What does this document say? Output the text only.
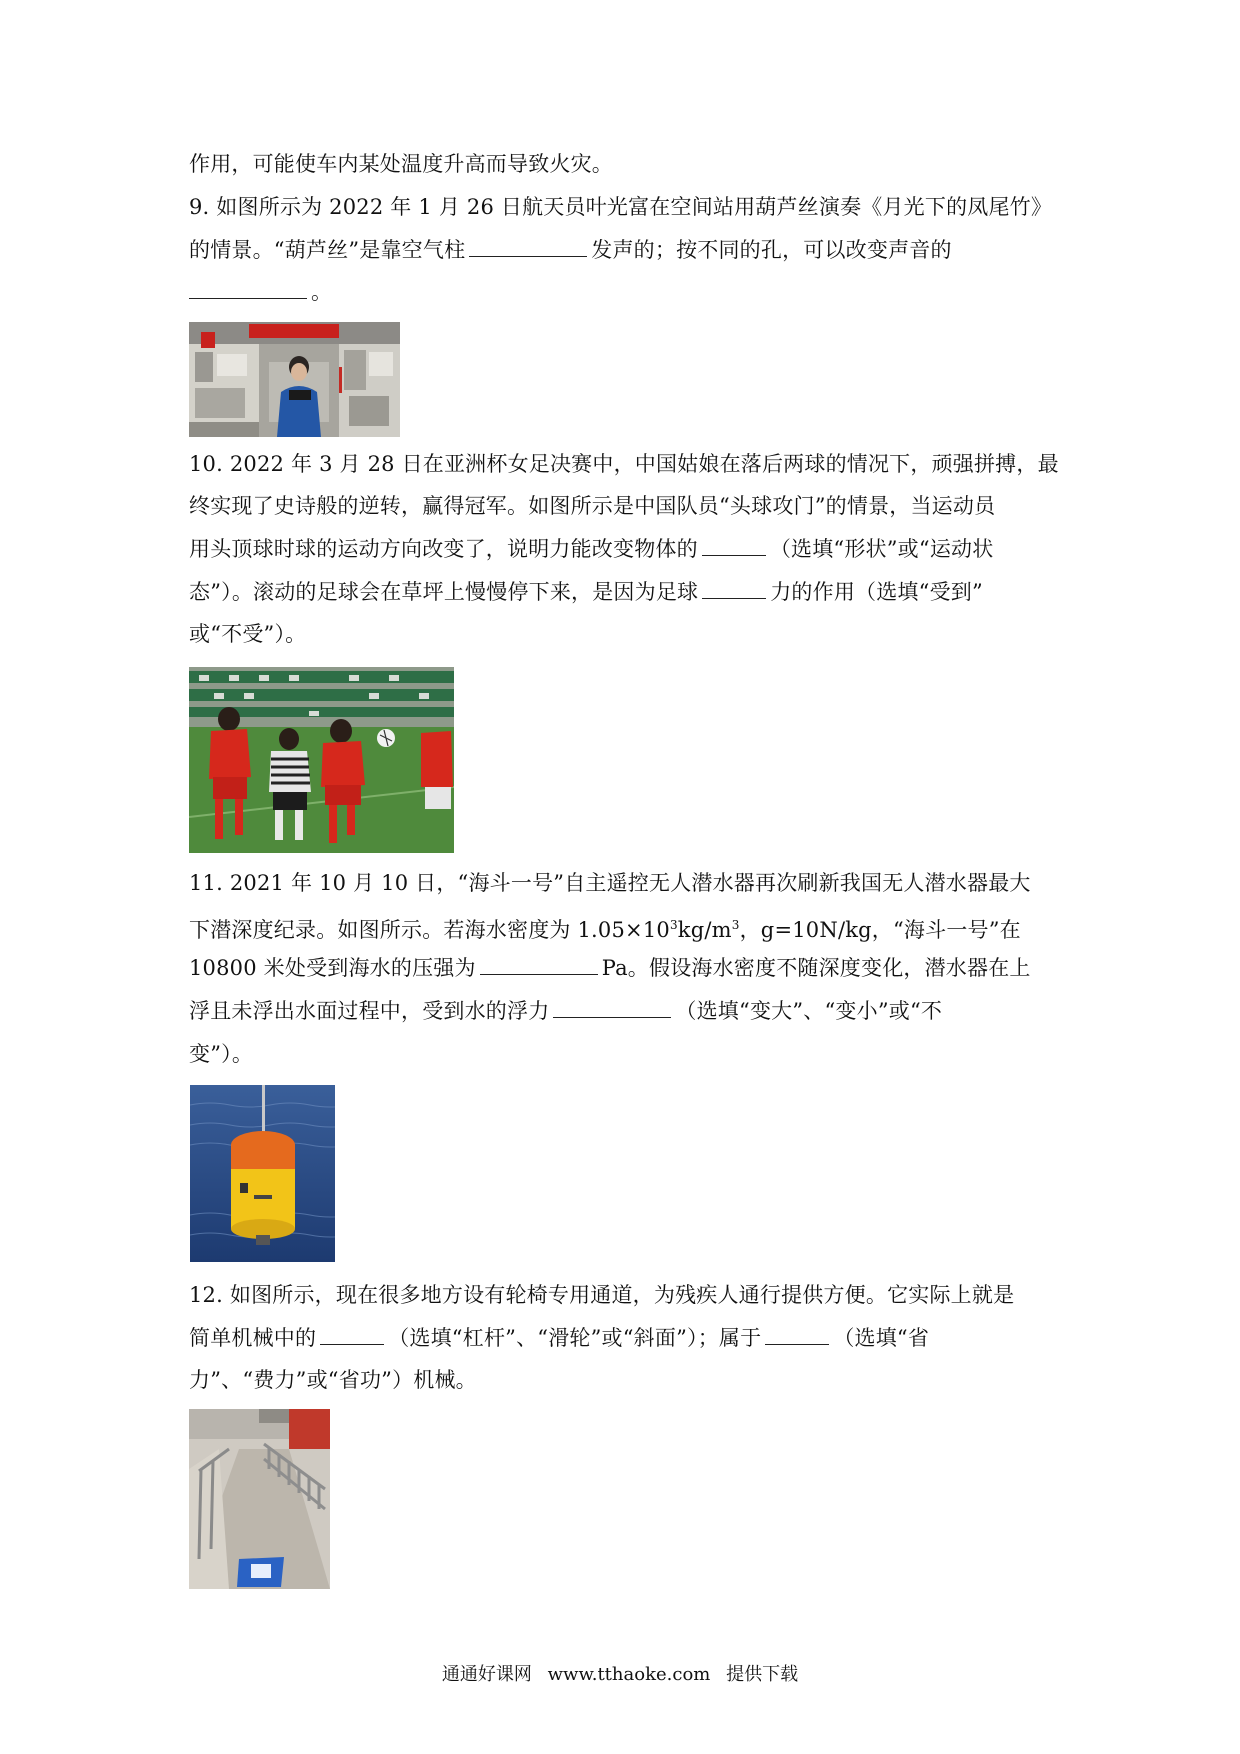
作用，可能使车内某处温度升高而导致火灾。
9. 如图所示为 2022 年 1 月 26 日航天员叶光富在空间站用葫芦丝演奏《月光下的凤尾竹》
的情景。“葫芦丝”是靠空气柱	发声的；按不同的孔，可以改变声音的
。
10. 2022 年 3 月 28 日在亚洲杯女足决赛中，中国姑娘在落后两球的情况下，顽强拼搏，最
终实现了史诗般的逆转，赢得冠军。如图所示是中国队员“头球攻门”的情景，当运动员
用头顶球时球的运动方向改变了，说明力能改变物体的	（选填“形状”或“运动状
态”）。滚动的足球会在草坪上慢慢停下来，是因为足球	力的作用（选填“受到”
或“不受”）。
11. 2021 年 10 月 10 日，“海斗一号”自主遥控无人潜水器再次刷新我国无人潜水器最大
下潜深度纪录。如图所示。若海水密度为 $1.05\times 10^3kg/m^3$，g=10N/kg，“海斗一号”在
10800 米处受到海水的压强为	Pa。假设海水密度不随深度变化，潜水器在上
浮且未浮出水面过程中，受到水的浮力	（选填“变大”、“变小”或“不
变”）。
12. 如图所示，现在很多地方设有轮椅专用通道，为残疾人通行提供方便。它实际上就是
简单机械中的	（选填“杠杆”、“滑轮”或“斜面”）；属于	（选填“省
力”、“费力”或“省功”）机械。
通通好课网 www.tthaoke.com 提供下载
